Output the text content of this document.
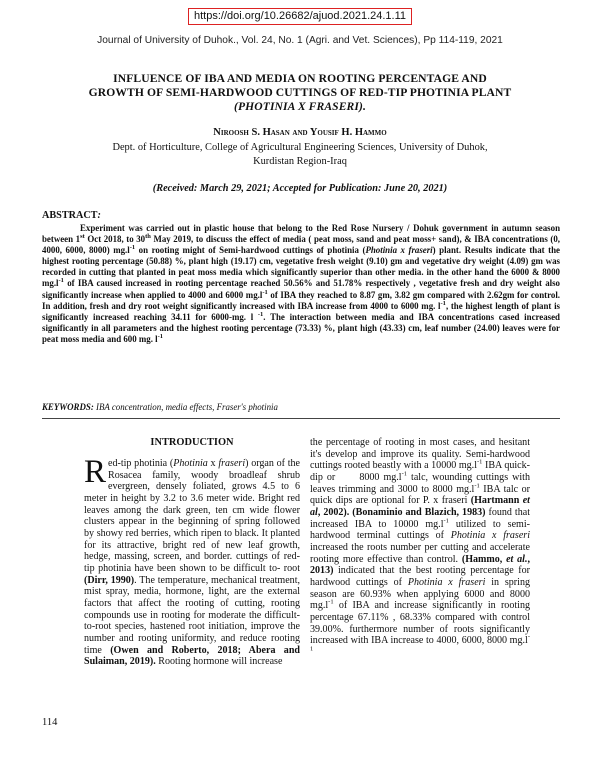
https://doi.org/10.26682/ajuod.2021.24.1.11
Journal of University of Duhok., Vol. 24, No. 1 (Agri. and Vet. Sciences), Pp 114-119, 2021
INFLUENCE OF IBA AND MEDIA ON ROOTING PERCENTAGE AND
GROWTH OF SEMI-HARDWOOD CUTTINGS OF RED-TIP PHOTINIA PLANT
(PHOTINIA X FRASERI).
Niroosh S. Hasan and Yousif H. Hammo
Dept. of Horticulture, College of Agricultural Engineering Sciences, University of Duhok,
Kurdistan Region-Iraq
(Received: March 29, 2021; Accepted for Publication: June 20, 2021)
ABSTRACT:
Experiment was carried out in plastic house that belong to the Red Rose Nursery / Dohuk government in autumn season between 1st Oct 2018, to 30th May 2019, to discuss the effect of media ( peat moss, sand and peat moss+ sand), & IBA concentrations (0, 4000, 6000, 8000) $mg.l^{-1}$ on rooting might of Semi-hardwood cuttings of photinia (Photinia x fraseri) plant. Results indicate that the highest rooting percentage (50.88) %, plant high (19.17) cm, vegetative fresh weight (9.10) gm and vegetative dry weight (4.09) gm was recorded in cutting that planted in peat moss media which significantly superior than other media. in the other hand the 6000 & 8000 $mg.l^{-1}$ of IBA caused increased in rooting percentage reached 50.56% and 51.78% respectively , vegetative fresh and dry weight also significantly increase when applied to 4000 and 6000 $mg.l^{-1}$ of IBA they reached to 8.87 gm, 3.82 gm compared with 2.62gm for control. In addition, fresh and dry root weight significantly increased with IBA increase from 4000 to 6000 mg. $l^{-1}$, the highest length of plant is significantly increased reaching 34.11 for 6000-mg. l $^{-1}$. The interaction between media and IBA concentrations cased increased significantly in all parameters and the highest rooting percentage (73.33) %, plant high (43.33) cm, leaf number (24.00) leaves were for peat moss media and 600 mg. $l^{-1}$
KEYWORDS: IBA concentration, media effects, Fraser's photinia
INTRODUCTION
Red-tip photinia (Photinia x fraseri) organ of the Rosacea family, woody broadleaf shrub evergreen, densely foliated, grows 4.5 to 6 meter in height by 3.2 to 3.6 meter wide. Bright red leaves among the dark green, ten cm wide flower clusters appear in the beginning of spring followed by showy red berries, which ripen to black. It planted for its attractive, bright red of new leaf growth, hedge, massing, screen, and border. cuttings of red-tip photinia have been shown to be difficult to- root (Dirr, 1990). The temperature, mechanical treatment, mist spray, media, hormone, light, are the external factors that affect the rooting of cutting, rooting compounds use in rooting for moderate the difficult-to-root species, hastened root initiation, improve the number and rooting uniformity, and reduce rooting time (Owen and Roberto, 2018; Abera and Sulaiman, 2019). Rooting hormone will increase
the percentage of rooting in most cases, and hesitant it's develop and improve its quality. Semi-hardwood cuttings rooted beastly with a 10000 $mg.l^{-1}$ IBA quick-dip or      8000 $mg.l^{-1}$ talc, wounding cuttings with leaves trimming and 3000 to 8000 $mg.l^{-1}$ IBA talc or quick dips are optional for P. x fraseri (Hartmann et al, 2002). (Bonaminio and Blazich, 1983) found that increased IBA to 10000 $mg.l^{-1}$ utilized to semi-hardwood terminal cuttings of Photinia x fraseri increased the roots number per cutting and accelerate rooting more effective than control. (Hammo, et al., 2013) indicated that the best rooting percentage for hardwood cuttings of Photinia x fraseri in spring season are 60.93% when applying 6000 and 8000 $mg.l^{-1}$ of IBA and increase significantly in rooting percentage 67.11% , 68.33% compared with control 39.00%. furthermore number of roots significantly increased with IBA increase to 4000, 6000, 8000 $mg.l^{-1}$
114
